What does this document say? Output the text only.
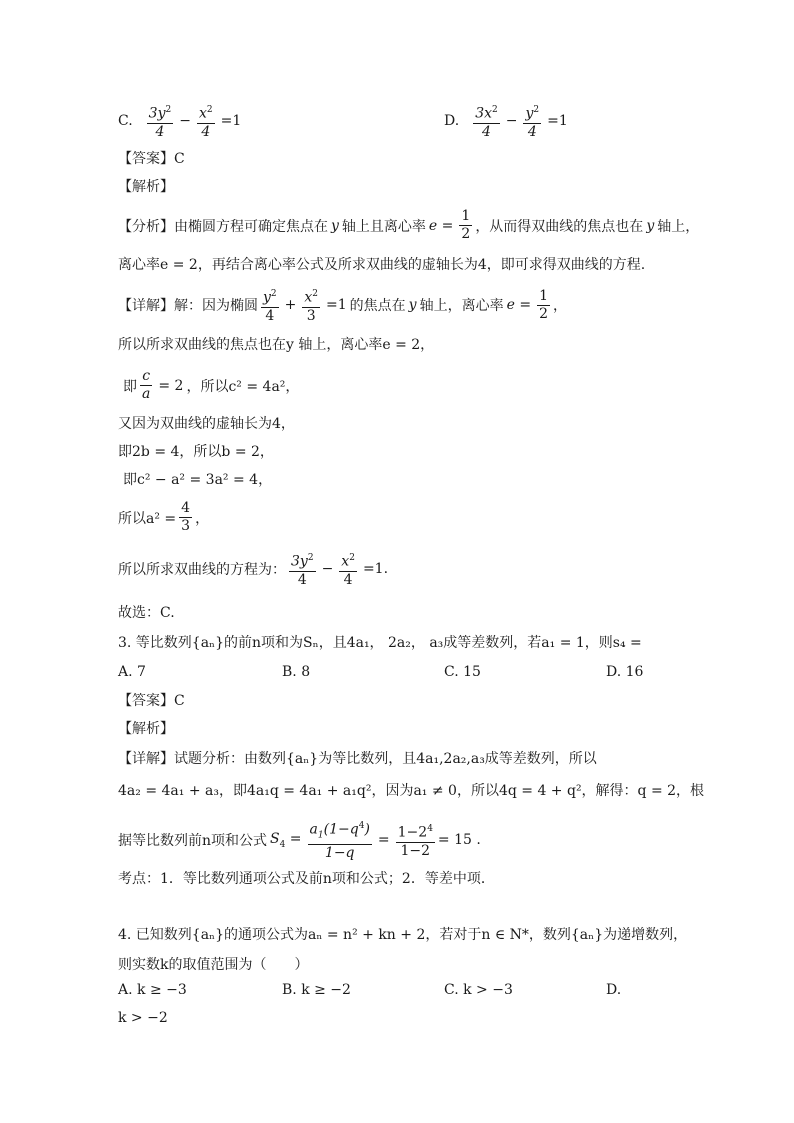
C. $\frac{3y^2}{4} - \frac{x^2}{4} =1$	D. $\frac{3x^2}{4} - \frac{y^2}{4} =1$
【答案】C
【解析】
【分析】 由椭圆方程可确定焦点在 y 轴上且离心率 $e = \frac{1}{2}$ ，从而得双曲线的焦点也在 y 轴上，
离心率e = 2，再结合离心率公式及所求双曲线的虚轴长为4，即可求得双曲线的方程.
【详解】 解：因为椭圆 $\frac{y^2}{4} + \frac{x^2}{3} =1$ 的焦点在 y 轴上，离心率 $e = \frac{1}{2}$ ，
所以所求双曲线的焦点也在y 轴上，离心率e = 2，
即 $\frac{c}{a} = 2$ ，所以c² = 4a²，
又因为双曲线的虚轴长为4，
即2b = 4，所以b = 2，
即c² − a² = 3a² = 4，
所以$a^2 = \frac{4}{3}$ ，
所以所求双曲线的方程为： $\frac{3y^2}{4} - \frac{x^2}{4} =1$.
故选：C.
3. 等比数列{aₙ}的前n项和为Sₙ，且4a₁， 2a₂， a₃成等差数列，若a₁ = 1，则s₄ =
A. 7	B. 8	C. 15	D. 16
【答案】C
【解析】
【详解】试题分析：由数列{aₙ}为等比数列，且4a₁,2a₂,a₃成等差数列，所以
4a₂ = 4a₁ + a₃，即4a₁q = 4a₁ + a₁q²，因为a₁ ≠ 0，所以4q = 4 + q²，解得：q = 2，根
据等比数列前n项和公式 $S_4 = \frac{a_1(1-q^4)}{1-q} = \frac{1-2^4}{1-2} = 15$ .
考点：1．等比数列通项公式及前n项和公式；2．等差中项．
4. 已知数列{aₙ}的通项公式为aₙ = n² + kn + 2，若对于n ∈ N*，数列{aₙ}为递增数列，
则实数k的取值范围为（　　）
A. k ≥ −3	B. k ≥ −2	C. k > −3	D.
k > −2
